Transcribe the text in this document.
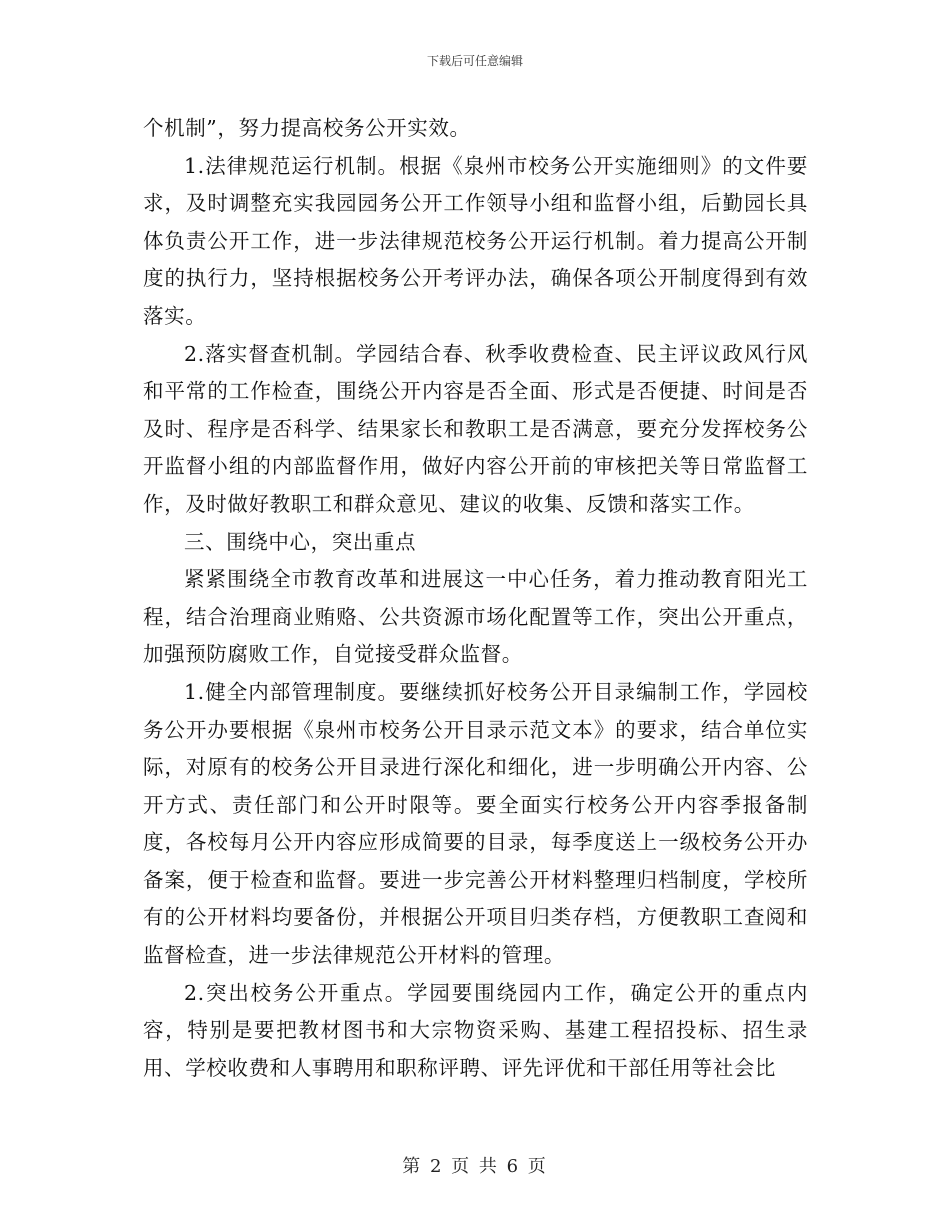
下载后可任意编辑

个机制”，努力提高校务公开实效。

1.法律规范运行机制。根据《泉州市校务公开实施细则》的文件要求，及时调整充实我园园务公开工作领导小组和监督小组，后勤园长具体负责公开工作，进一步法律规范校务公开运行机制。着力提高公开制度的执行力，坚持根据校务公开考评办法，确保各项公开制度得到有效落实。

2.落实督查机制。学园结合春、秋季收费检查、民主评议政风行风和平常的工作检查，围绕公开内容是否全面、形式是否便捷、时间是否及时、程序是否科学、结果家长和教职工是否满意，要充分发挥校务公开监督小组的内部监督作用，做好内容公开前的审核把关等日常监督工作，及时做好教职工和群众意见、建议的收集、反馈和落实工作。

三、围绕中心，突出重点

紧紧围绕全市教育改革和进展这一中心任务，着力推动教育阳光工程，结合治理商业贿赂、公共资源市场化配置等工作，突出公开重点，加强预防腐败工作，自觉接受群众监督。

1.健全内部管理制度。要继续抓好校务公开目录编制工作，学园校务公开办要根据《泉州市校务公开目录示范文本》的要求，结合单位实际，对原有的校务公开目录进行深化和细化，进一步明确公开内容、公开方式、责任部门和公开时限等。要全面实行校务公开内容季报备制度，各校每月公开内容应形成简要的目录，每季度送上一级校务公开办备案，便于检查和监督。要进一步完善公开材料整理归档制度，学校所有的公开材料均要备份，并根据公开项目归类存档，方便教职工查阅和监督检查，进一步法律规范公开材料的管理。

2.突出校务公开重点。学园要围绕园内工作，确定公开的重点内容，特别是要把教材图书和大宗物资采购、基建工程招投标、招生录用、学校收费和人事聘用和职称评聘、评先评优和干部任用等社会比

第 2 页 共 6 页
